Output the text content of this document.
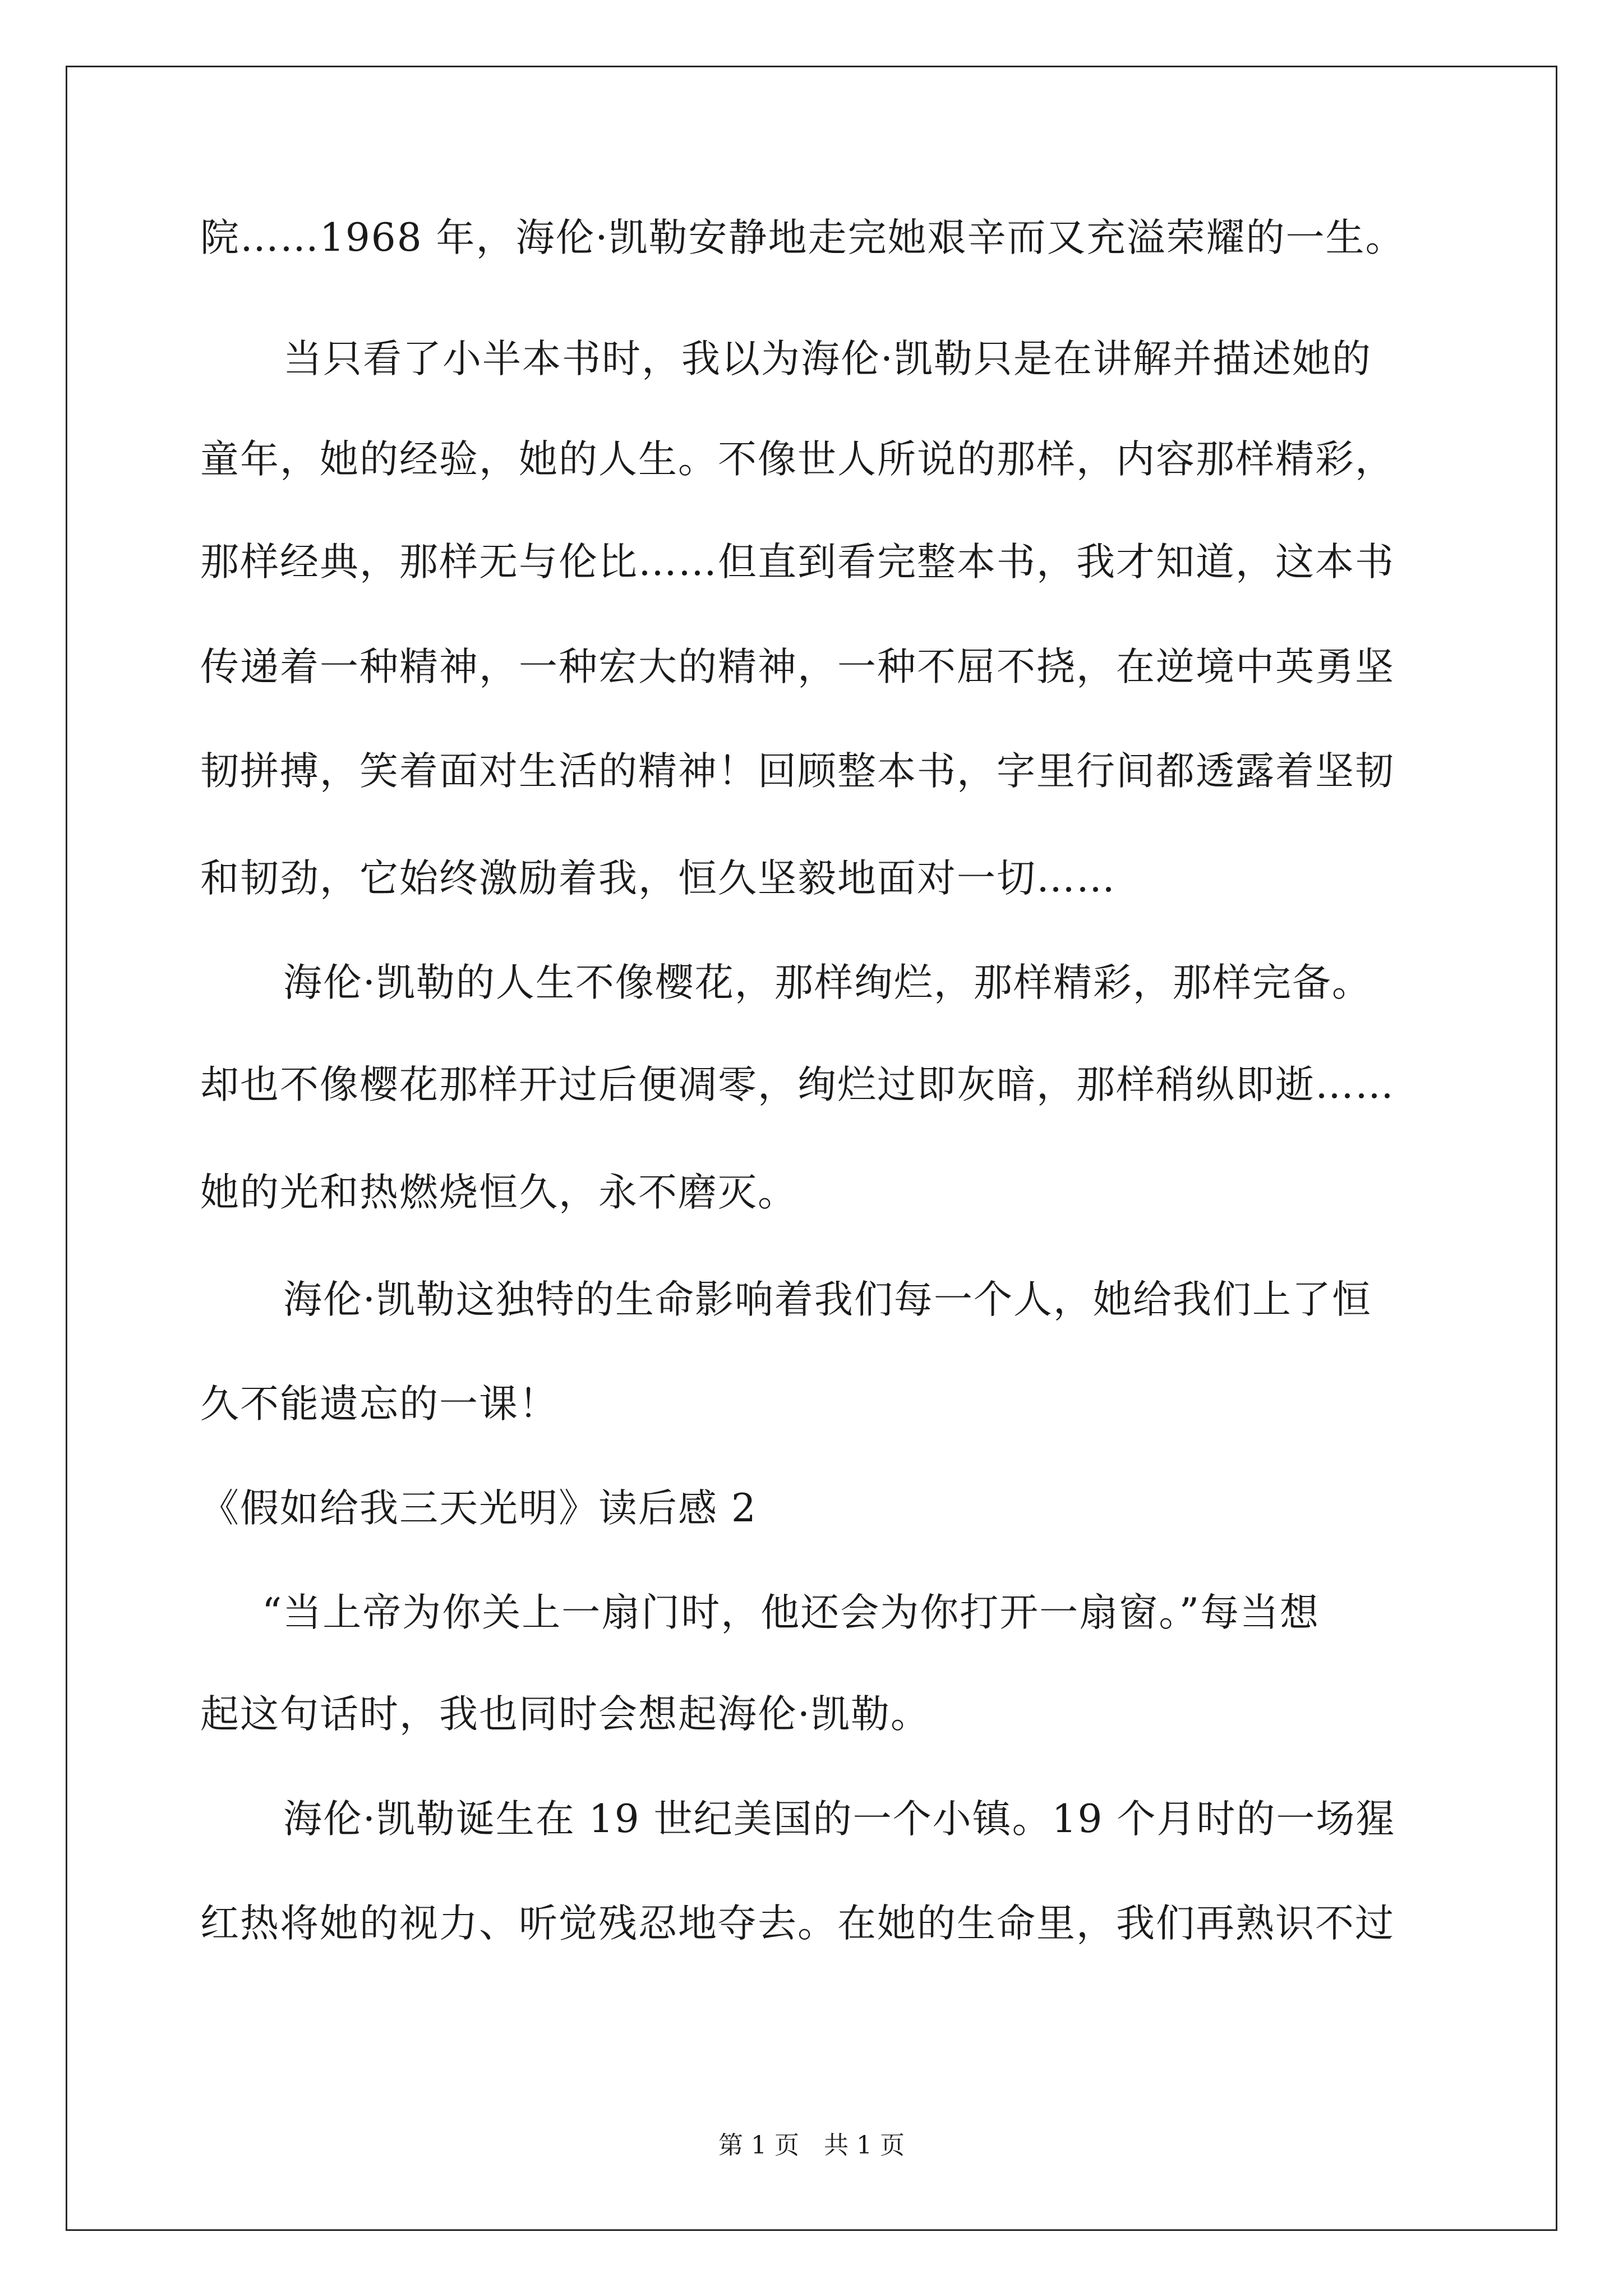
院……1968 年，海伦·凯勒安静地走完她艰辛而又充溢荣耀的一生。
当只看了小半本书时，我以为海伦·凯勒只是在讲解并描述她的
童年，她的经验，她的人生。不像世人所说的那样，内容那样精彩，
那样经典，那样无与伦比……但直到看完整本书，我才知道，这本书
传递着一种精神，一种宏大的精神，一种不屈不挠，在逆境中英勇坚
韧拼搏，笑着面对生活的精神！回顾整本书，字里行间都透露着坚韧
和韧劲，它始终激励着我，恒久坚毅地面对一切……
海伦·凯勒的人生不像樱花，那样绚烂，那样精彩，那样完备。
却也不像樱花那样开过后便凋零，绚烂过即灰暗，那样稍纵即逝……
她的光和热燃烧恒久，永不磨灭。
海伦·凯勒这独特的生命影响着我们每一个人，她给我们上了恒
久不能遗忘的一课！
《假如给我三天光明》读后感 2
“当上帝为你关上一扇门时，他还会为你打开一扇窗。”每当想
起这句话时，我也同时会想起海伦·凯勒。
海伦·凯勒诞生在 19 世纪美国的一个小镇。19 个月时的一场猩
红热将她的视力、听觉残忍地夺去。在她的生命里，我们再熟识不过
第 1 页　共 1 页
